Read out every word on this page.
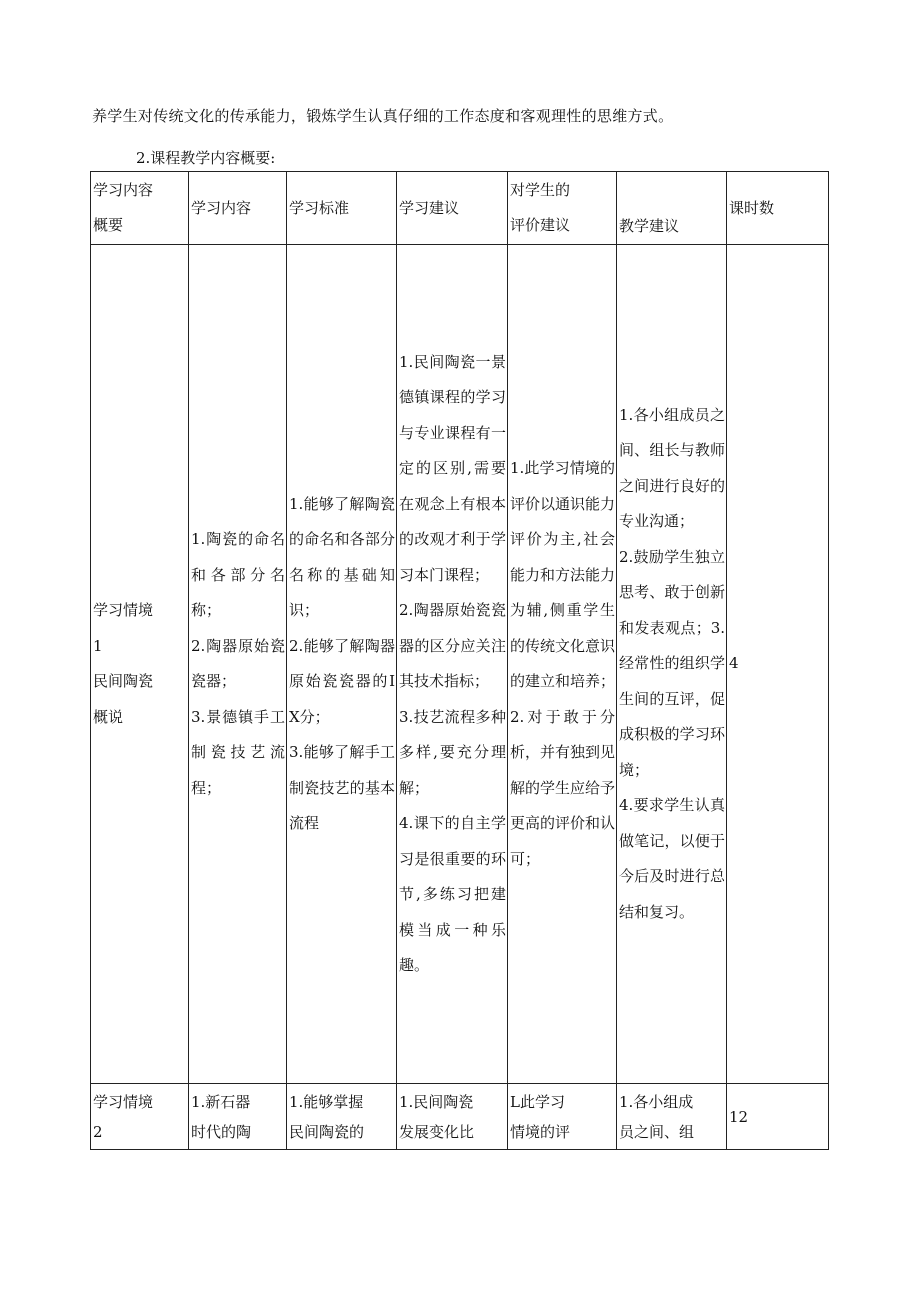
养学生对传统文化的传承能力，锻炼学生认真仔细的工作态度和客观理性的思维方式。
2.课程教学内容概要:
学习内容
概要	学习内容	学习标准	学习建议	对学生的
评价建议	教学建议	课时数

学习情境
1
民间陶瓷
概说	1.陶瓷的命名和各部分名称；
2.陶器原始瓷瓷器；
3.景德镇手工制瓷技艺流程；	1.能够了解陶瓷的命名和各部分名称的基础知识；
2.能够了解陶器原始瓷瓷器的IX分；
3.能够了解手工制瓷技艺的基本流程	1.民间陶瓷一景德镇课程的学习与专业课程有一定的区别,需要在观念上有根本的改观才利于学习本门课程；
2.陶器原始瓷瓷器的区分应关注其技术指标；
3.技艺流程多种多样,要充分理解；
4.课下的自主学习是很重要的环节,多练习把建模当成一种乐趣。	1.此学习情境的评价以通识能力评价为主,社会能力和方法能力为辅,侧重学生的传统文化意识的建立和培养；
2.对于敢于分析，并有独到见解的学生应给予更高的评价和认可；	1.各小组成员之间、组长与教师之间进行良好的专业沟通；
2.鼓励学生独立思考、敢于创新和发表观点；3.经常性的组织学生间的互评，促成积极的学习环境；
4.要求学生认真做笔记，以便于今后及时进行总结和复习。	4

学习情境
2	1.新石器
时代的陶	1.能够掌握
民间陶瓷的	1.民间陶瓷
发展变化比	L此学习
情境的评	1.各小组成
员之间、组	12
